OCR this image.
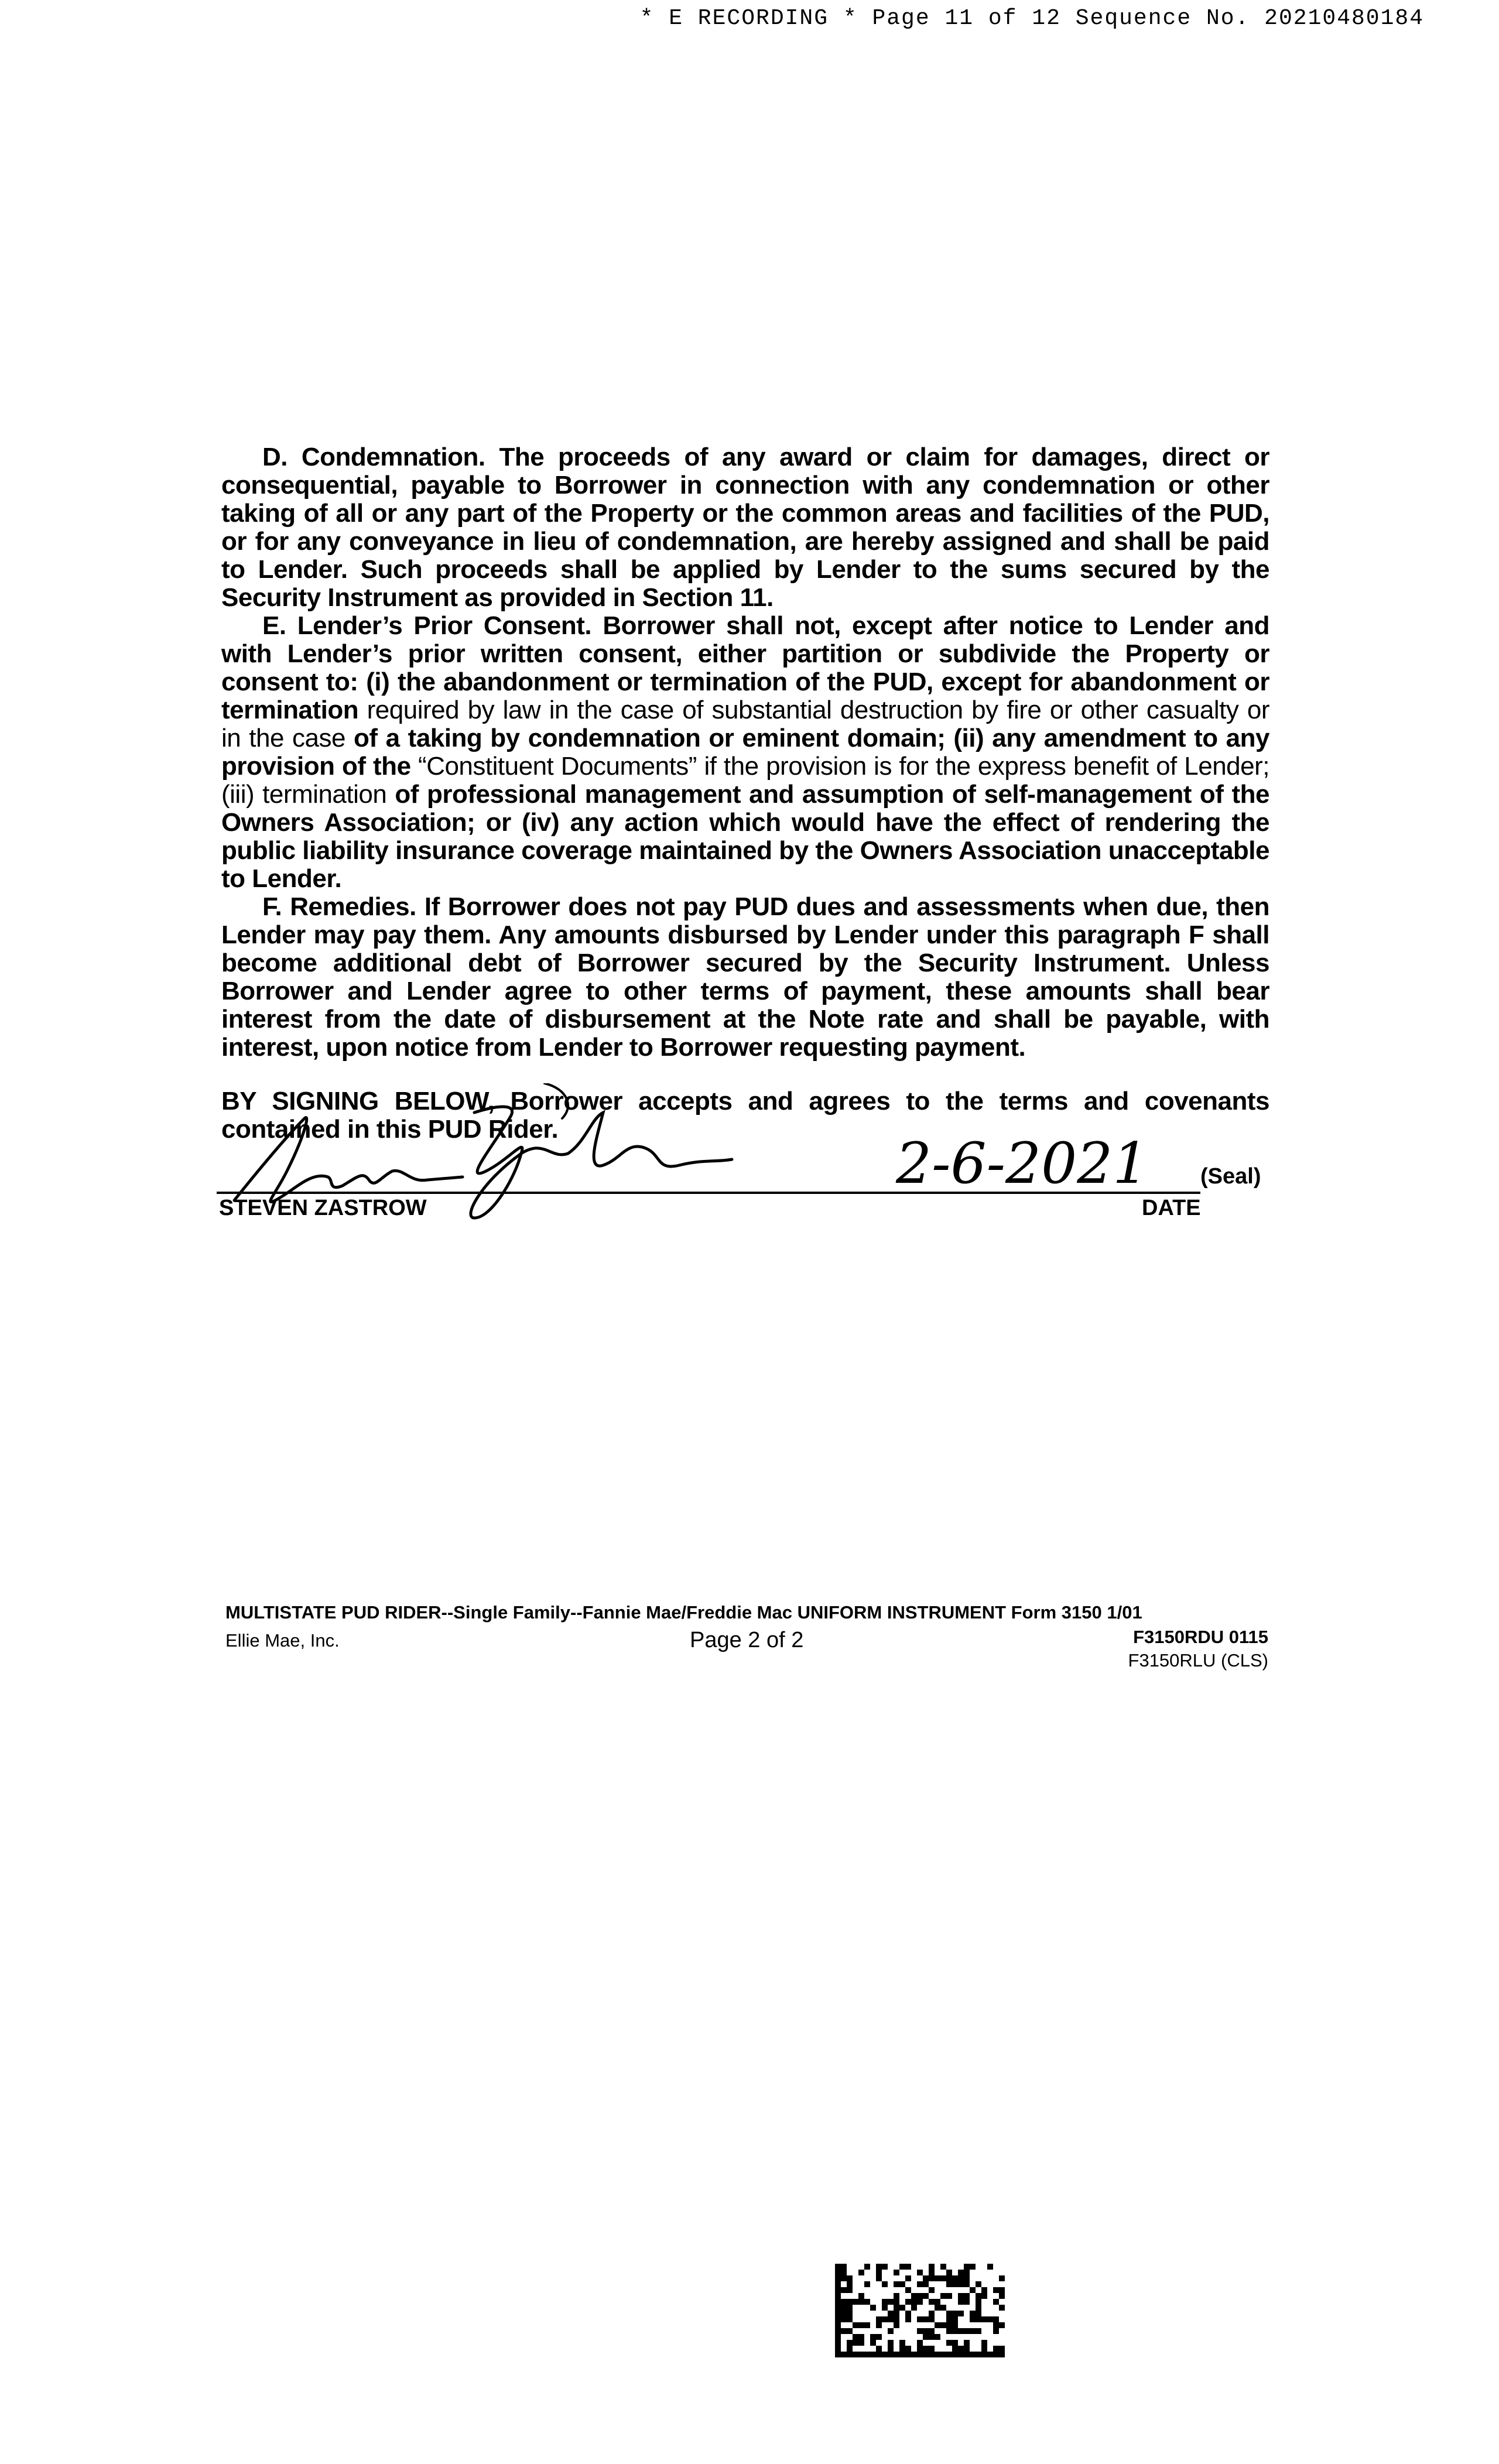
* E RECORDING * Page 11 of 12 Sequence No. 20210480184

D. Condemnation. The proceeds of any award or claim for damages, direct or consequential, payable to Borrower in connection with any condemnation or other taking of all or any part of the Property or the common areas and facilities of the PUD, or for any conveyance in lieu of condemnation, are hereby assigned and shall be paid to Lender. Such proceeds shall be applied by Lender to the sums secured by the Security Instrument as provided in Section 11.

E. Lender’s Prior Consent. Borrower shall not, except after notice to Lender and with Lender’s prior written consent, either partition or subdivide the Property or consent to: (i) the abandonment or termination of the PUD, except for abandonment or termination required by law in the case of substantial destruction by fire or other casualty or in the case of a taking by condemnation or eminent domain; (ii) any amendment to any provision of the “Constituent Documents” if the provision is for the express benefit of Lender; (iii) termination of professional management and assumption of self-management of the Owners Association; or (iv) any action which would have the effect of rendering the public liability insurance coverage maintained by the Owners Association unacceptable to Lender.

F. Remedies. If Borrower does not pay PUD dues and assessments when due, then Lender may pay them. Any amounts disbursed by Lender under this paragraph F shall become additional debt of Borrower secured by the Security Instrument. Unless Borrower and Lender agree to other terms of payment, these amounts shall bear interest from the date of disbursement at the Note rate and shall be payable, with interest, upon notice from Lender to Borrower requesting payment.

BY SIGNING BELOW, Borrower accepts and agrees to the terms and covenants contained in this PUD Rider.

2-6-2021 (Seal)
STEVEN ZASTROW	DATE
MULTISTATE PUD RIDER--Single Family--Fannie Mae/Freddie Mac UNIFORM INSTRUMENT Form 3150 1/01
Ellie Mae, Inc.	Page 2 of 2	F3150RDU 0115
F3150RLU (CLS)
